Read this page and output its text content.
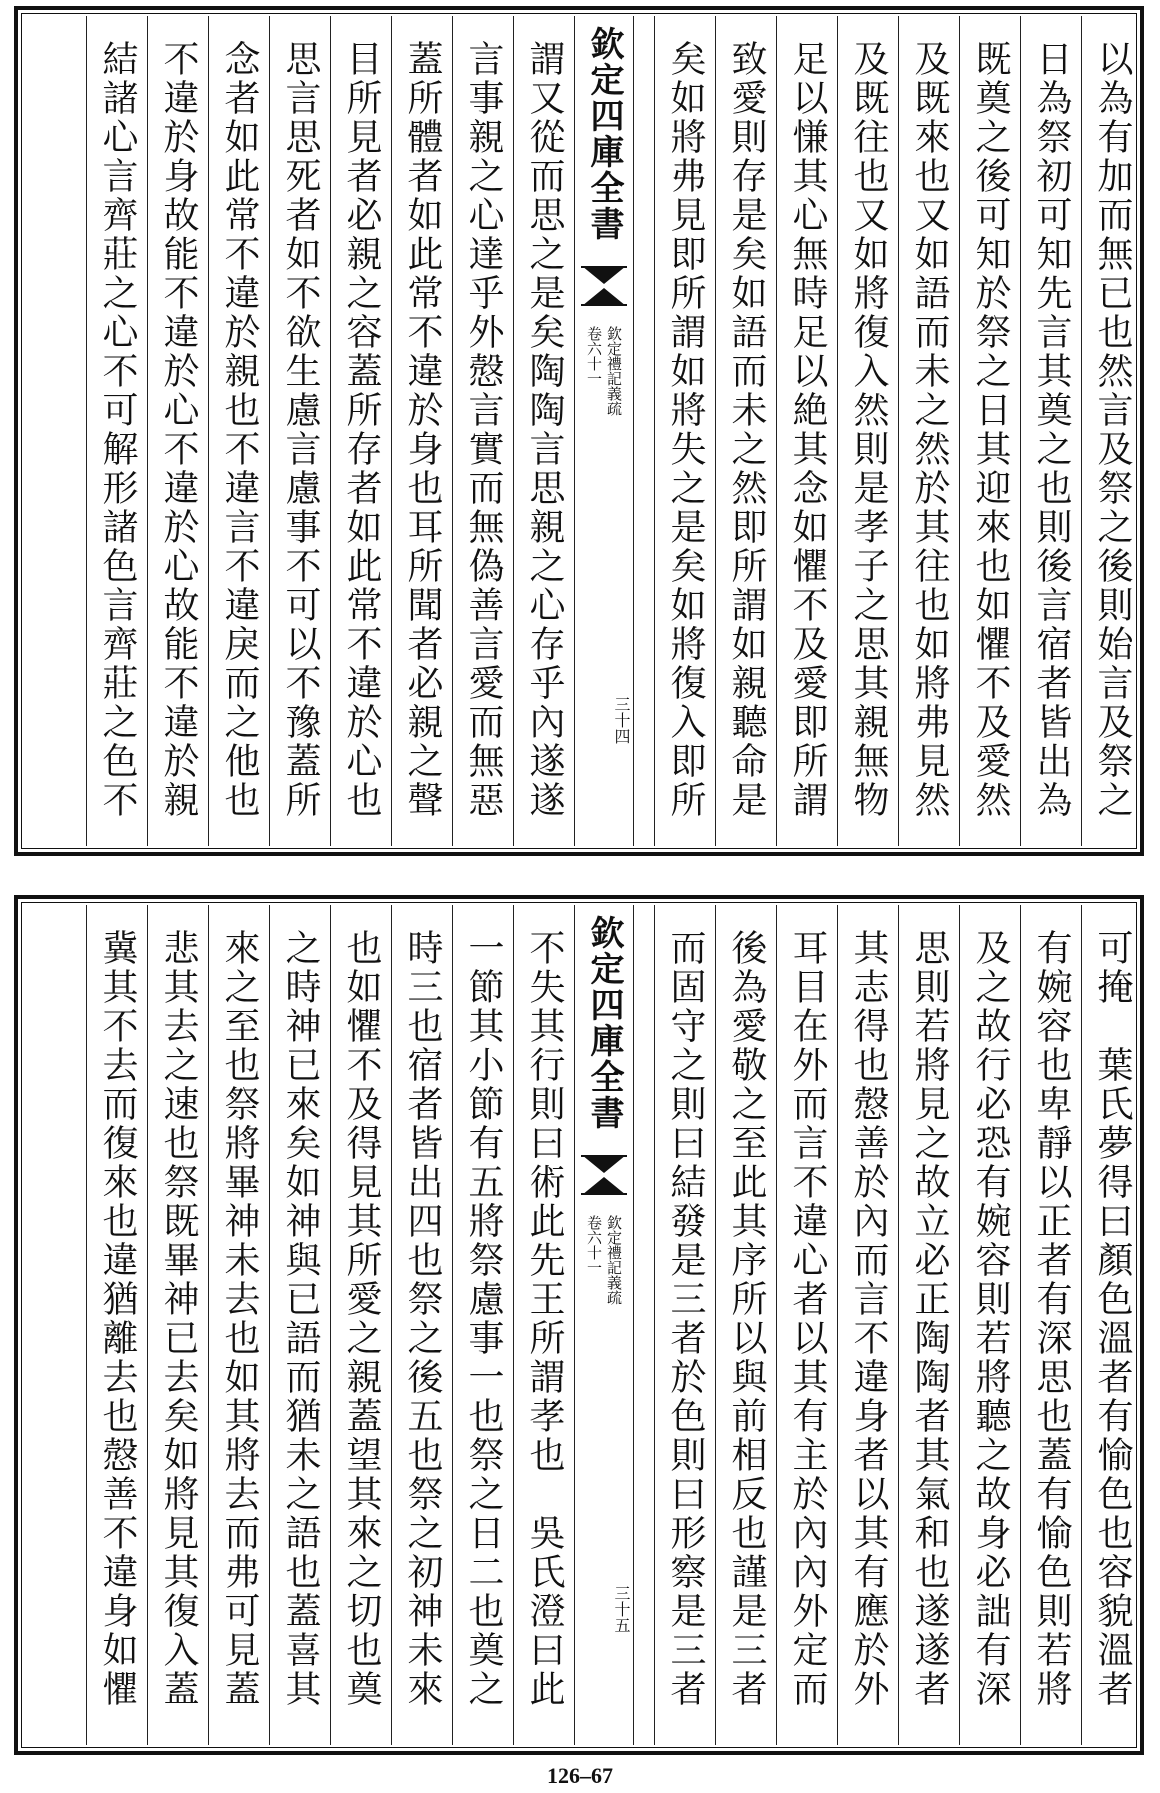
以為有加而無已也然言及祭之後則始言及祭之
日為祭初可知先言其奠之也則後言宿者皆出為
既奠之後可知於祭之日其迎來也如懼不及愛然
及既來也又如語而未之然於其往也如將弗見然
及既往也又如將復入然則是孝子之思其親無物
足以慊其心無時足以絶其念如懼不及愛即所謂
致愛則存是矣如語而未之然即所謂如親聽命是
矣如將弗見即所謂如將失之是矣如將復入即所
欽定四庫全書
欽定禮記義疏
卷六十一
三十四
謂又從而思之是矣陶陶言思親之心存乎內遂遂
言事親之心達乎外慤言實而無偽善言愛而無惡
蓋所體者如此常不違於身也耳所聞者必親之聲
目所見者必親之容蓋所存者如此常不違於心也
思言思死者如不欲生慮言慮事不可以不豫蓋所
念者如此常不違於親也不違言不違戾而之他也
不違於身故能不違於心不違於心故能不違於親
結諸心言齊莊之心不可解形諸色言齊莊之色不
可掩　葉氏夢得曰顏色溫者有愉色也容貌溫者
有婉容也卑靜以正者有深思也蓋有愉色則若將
及之故行必恐有婉容則若將聽之故身必詘有深
思則若將見之故立必正陶陶者其氣和也遂遂者
其志得也慤善於內而言不違身者以其有應於外
耳目在外而言不違心者以其有主於內內外定而
後為愛敬之至此其序所以與前相反也謹是三者
而固守之則曰結發是三者於色則曰形察是三者
欽定四庫全書
欽定禮記義疏
卷六十一
三十五
不失其行則曰術此先王所謂孝也　吳氏澄曰此
一節其小節有五將祭慮事一也祭之日二也奠之
時三也宿者皆出四也祭之後五也祭之初神未來
也如懼不及得見其所愛之親蓋望其來之切也奠
之時神已來矣如神與已語而猶未之語也蓋喜其
來之至也祭將畢神未去也如其將去而弗可見蓋
悲其去之速也祭既畢神已去矣如將見其復入蓋
冀其不去而復來也違猶離去也慤善不違身如懼
126–67
